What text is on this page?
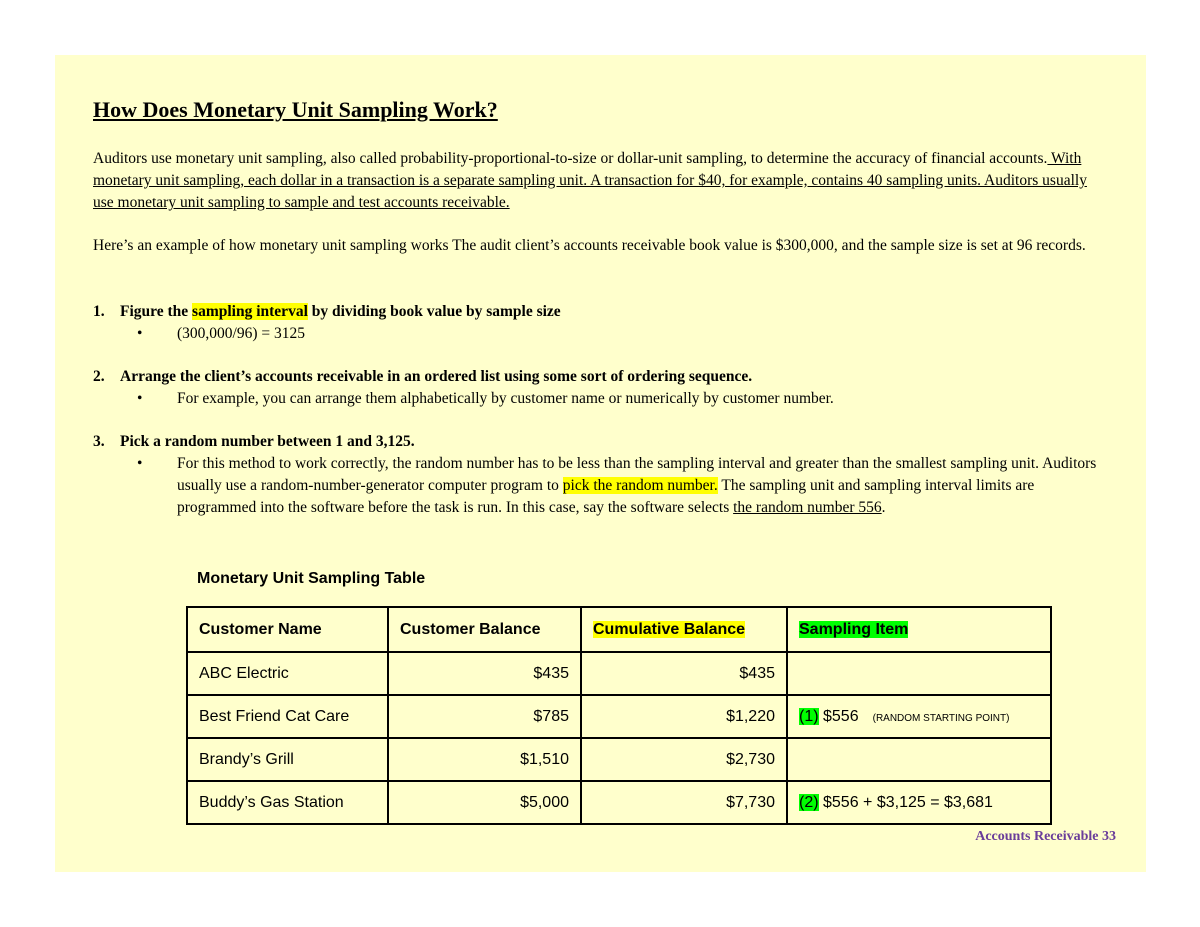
How Does Monetary Unit Sampling Work?

Auditors use monetary unit sampling, also called probability-proportional-to-size or dollar-unit sampling, to determine the accuracy of financial accounts. With monetary unit sampling, each dollar in a transaction is a separate sampling unit. A transaction for $40, for example, contains 40 sampling units. Auditors usually use monetary unit sampling to sample and test accounts receivable.

Here’s an example of how monetary unit sampling works The audit client’s accounts receivable book value is $300,000, and the sample size is set at 96 records.

1. Figure the sampling interval by dividing book value by sample size
• (300,000/96) = 3125
2. Arrange the client’s accounts receivable in an ordered list using some sort of ordering sequence.
• For example, you can arrange them alphabetically by customer name or numerically by customer number.
3. Pick a random number between 1 and 3,125.
• For this method to work correctly, the random number has to be less than the sampling interval and greater than the smallest sampling unit. Auditors usually use a random-number-generator computer program to pick the random number. The sampling unit and sampling interval limits are programmed into the software before the task is run. In this case, say the software selects the random number 556.
Monetary Unit Sampling Table
Customer Name	Customer Balance	Cumulative Balance	Sampling Item
ABC Electric	$435	$435	
Best Friend Cat Care	$785	$1,220	(1) $556 (RANDOM STARTING POINT)
Brandy’s Grill	$1,510	$2,730	
Buddy’s Gas Station	$5,000	$7,730	(2) $556 + $3,125 = $3,681
Accounts Receivable 33
